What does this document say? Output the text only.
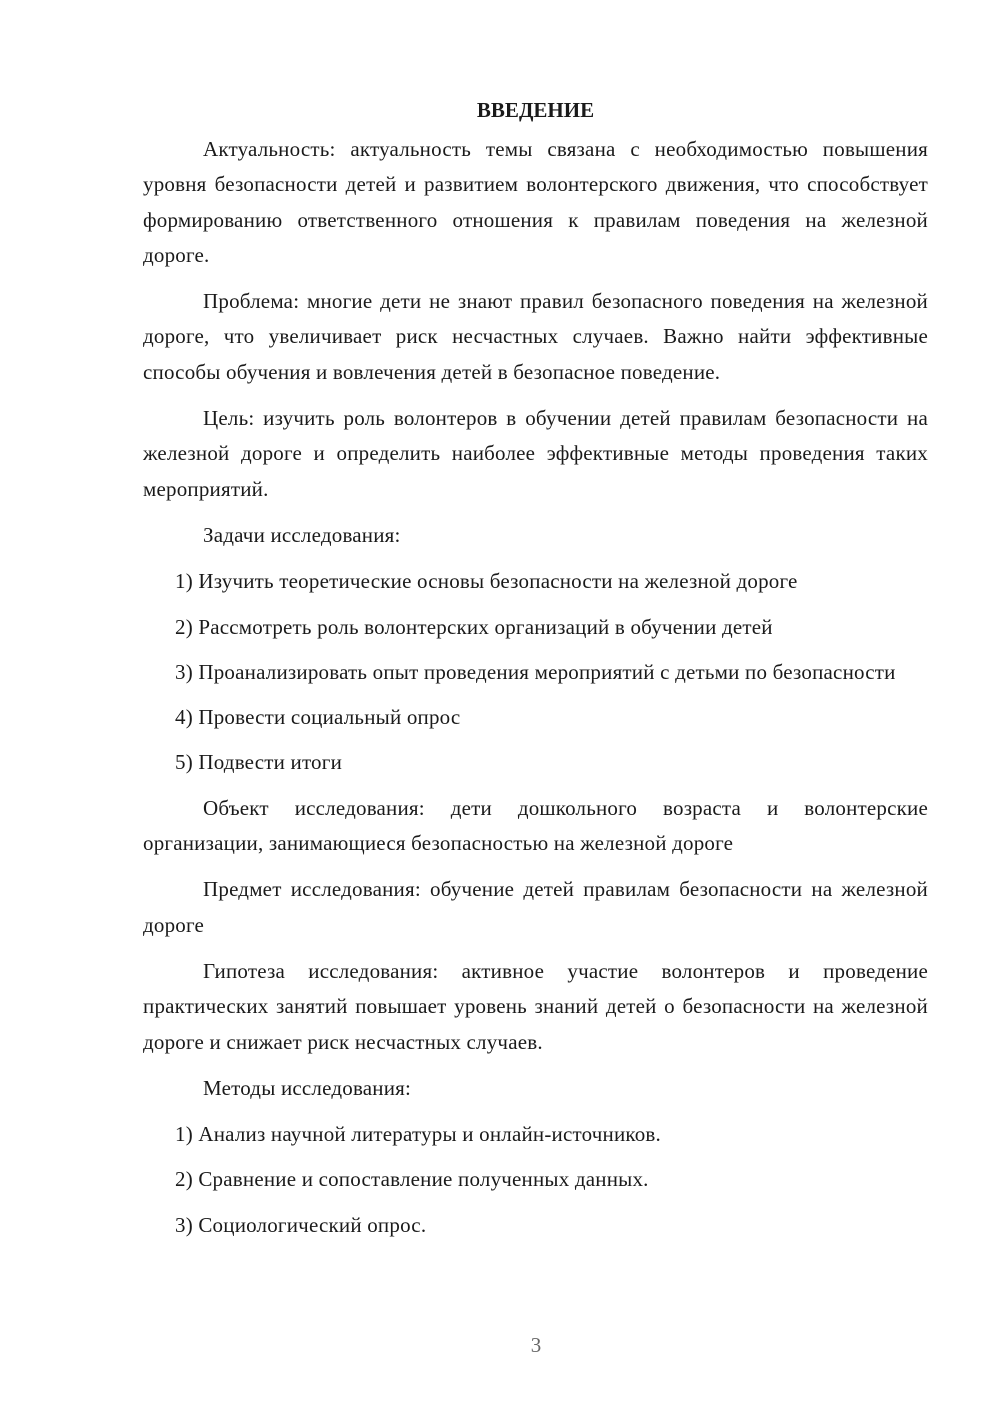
ВВЕДЕНИЕ

Актуальность: актуальность темы связана с необходимостью повышения уровня безопасности детей и развитием волонтерского движения, что способствует формированию ответственного отношения к правилам поведения на железной дороге.

Проблема: многие дети не знают правил безопасного поведения на железной дороге, что увеличивает риск несчастных случаев. Важно найти эффективные способы обучения и вовлечения детей в безопасное поведение.

Цель: изучить роль волонтеров в обучении детей правилам безопасности на железной дороге и определить наиболее эффективные методы проведения таких мероприятий.

Задачи исследования:

1) Изучить теоретические основы безопасности на железной дороге

2) Рассмотреть роль волонтерских организаций в обучении детей

3) Проанализировать опыт проведения мероприятий с детьми по безопасности

4) Провести социальный опрос

5) Подвести итоги

Объект исследования: дети дошкольного возраста и волонтерские организации, занимающиеся безопасностью на железной дороге

Предмет исследования: обучение детей правилам безопасности на железной дороге

Гипотеза исследования: активное участие волонтеров и проведение практических занятий повышает уровень знаний детей о безопасности на железной дороге и снижает риск несчастных случаев.

Методы исследования:

1) Анализ научной литературы и онлайн-источников.

2) Сравнение и сопоставление полученных данных.

3) Социологический опрос.

3
